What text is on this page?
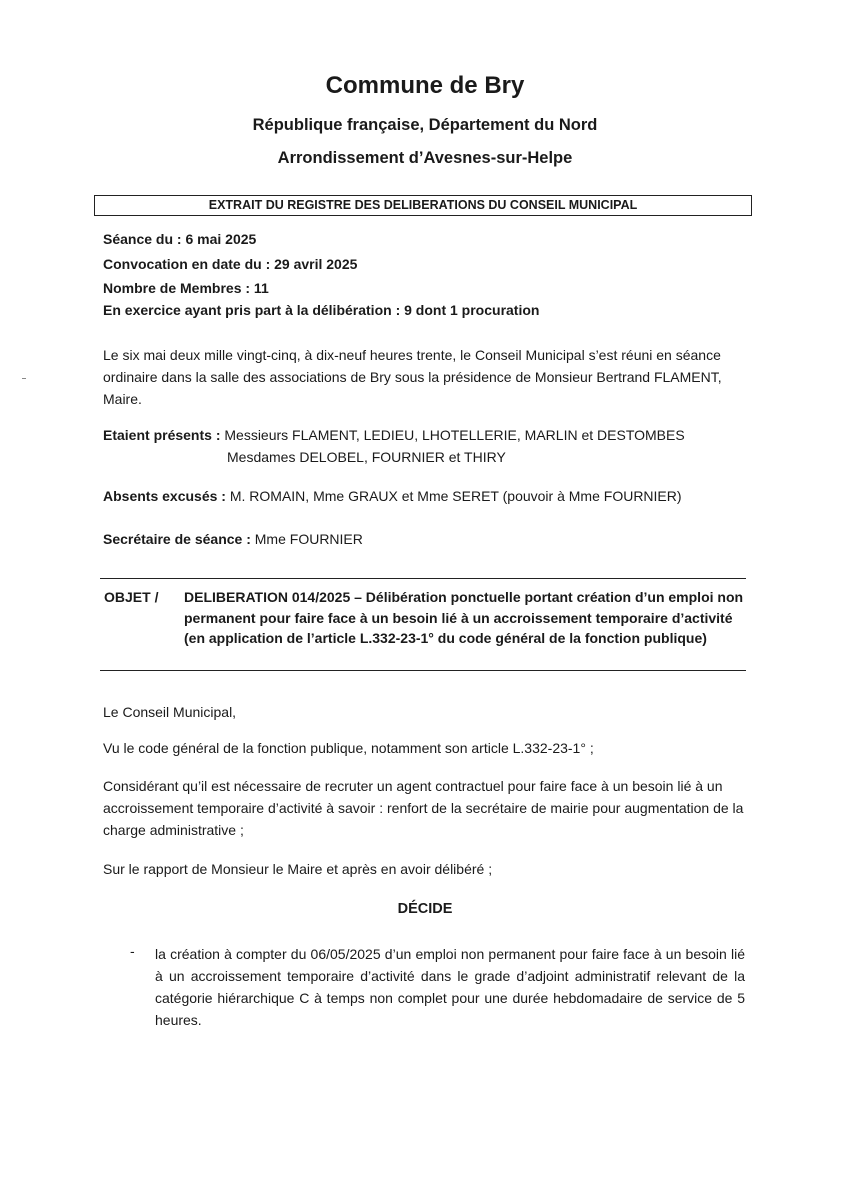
Commune de Bry
République française, Département du Nord
Arrondissement d’Avesnes-sur-Helpe
EXTRAIT DU REGISTRE DES DELIBERATIONS DU CONSEIL MUNICIPAL
Séance du : 6 mai 2025
Convocation en date du : 29 avril 2025
Nombre de Membres : 11
En exercice ayant pris part à la délibération : 9 dont 1 procuration
Le six mai deux mille vingt-cinq, à dix-neuf heures trente, le Conseil Municipal s’est réuni en séance ordinaire dans la salle des associations de Bry sous la présidence de Monsieur Bertrand FLAMENT, Maire.
Etaient présents : Messieurs FLAMENT, LEDIEU, LHOTELLERIE, MARLIN et DESTOMBES
Mesdames DELOBEL, FOURNIER et THIRY
Absents excusés : M. ROMAIN, Mme GRAUX et Mme SERET (pouvoir à Mme FOURNIER)
Secrétaire de séance : Mme FOURNIER
OBJET / DELIBERATION 014/2025 – Délibération ponctuelle portant création d’un emploi non permanent pour faire face à un besoin lié à un accroissement temporaire d’activité (en application de l’article L.332-23-1° du code général de la fonction publique)
Le Conseil Municipal,
Vu le code général de la fonction publique, notamment son article L.332-23-1° ;
Considérant qu’il est nécessaire de recruter un agent contractuel pour faire face à un besoin lié à un accroissement temporaire d’activité à savoir : renfort de la secrétaire de mairie pour augmentation de la charge administrative ;
Sur le rapport de Monsieur le Maire et après en avoir délibéré ;
DÉCIDE
- la création à compter du 06/05/2025 d’un emploi non permanent pour faire face à un besoin lié à un accroissement temporaire d’activité dans le grade d’adjoint administratif relevant de la catégorie hiérarchique C à temps non complet pour une durée hebdomadaire de service de 5 heures.
